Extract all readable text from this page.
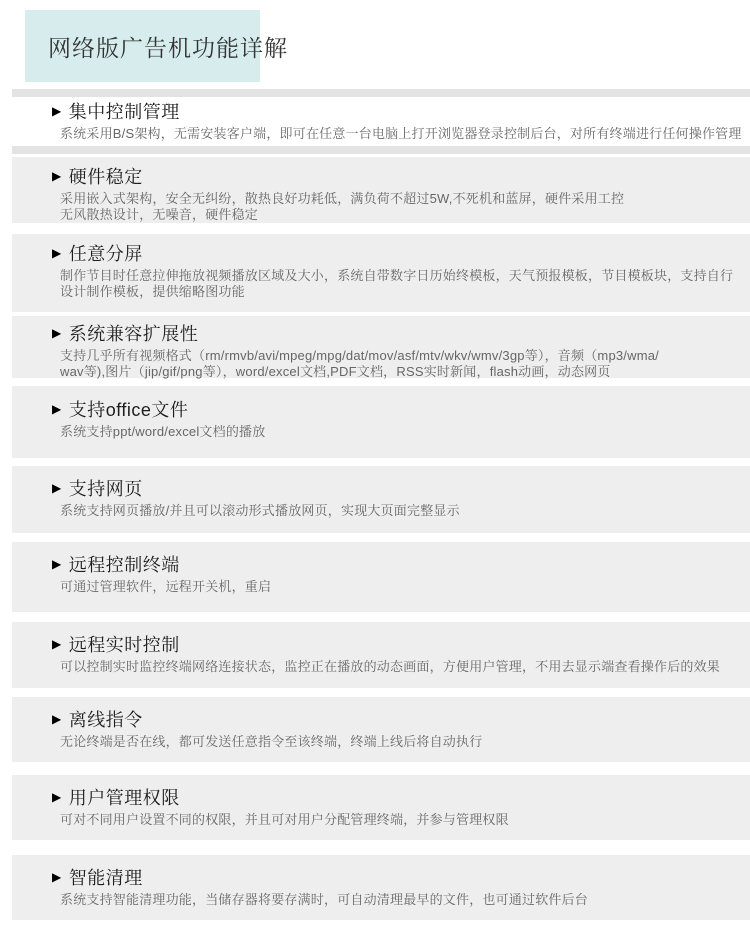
网络版广告机功能详解
▶ 集中控制管理
系统采用B/S架构，无需安装客户端，即可在任意一台电脑上打开浏览器登录控制后台，对所有终端进行任何操作管理
▶ 硬件稳定
采用嵌入式架构，安全无纠纷，散热良好功耗低，满负荷不超过5W,不死机和蓝屏，硬件采用工控
无风散热设计，无噪音，硬件稳定
▶ 任意分屏
制作节目时任意拉伸拖放视频播放区域及大小，系统自带数字日历始终模板，天气预报模板，节目模板块，支持自行
设计制作模板，提供缩略图功能
▶ 系统兼容扩展性
支持几乎所有视频格式（rm/rmvb/avi/mpeg/mpg/dat/mov/asf/mtv/wkv/wmv/3gp等），音频（mp3/wma/
wav等),图片（jip/gif/png等），word/excel文档,PDF文档，RSS实时新闻，flash动画，动态网页
▶ 支持office文件
系统支持ppt/word/excel文档的播放
▶ 支持网页
系统支持网页播放/并且可以滚动形式播放网页，实现大页面完整显示
▶ 远程控制终端
可通过管理软件，远程开关机，重启
▶ 远程实时控制
可以控制实时监控终端网络连接状态，监控正在播放的动态画面，方便用户管理，不用去显示端查看操作后的效果
▶ 离线指令
无论终端是否在线，都可发送任意指令至该终端，终端上线后将自动执行
▶ 用户管理权限
可对不同用户设置不同的权限，并且可对用户分配管理终端，并参与管理权限
▶ 智能清理
系统支持智能清理功能，当储存器将要存满时，可自动清理最早的文件，也可通过软件后台
